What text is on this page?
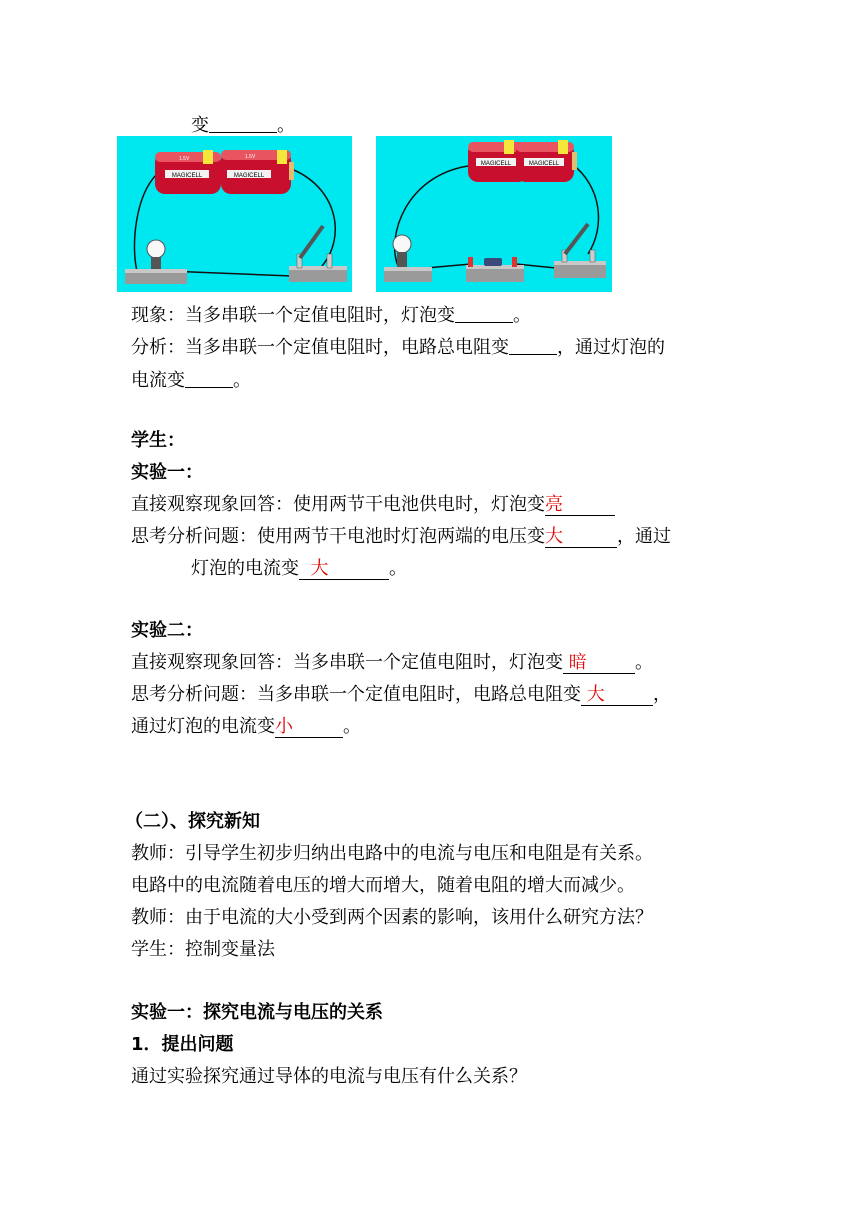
变	。
MAGICELL
1.5V
MAGICELL
1.5V
MAGICELL	MAGICELL
现象：当多串联一个定值电阻时，灯泡变	。
分析：当多串联一个定值电阻时，电路总电阻变	，通过灯泡的
电流变	。
学生：
实验一：
直接观察现象回答：使用两节干电池供电时，灯泡变亮
思考分析问题：使用两节干电池时灯泡两端的电压变大	，通过
灯泡的电流变 大	。
实验二：
直接观察现象回答：当多串联一个定值电阻时，灯泡变 暗	。
思考分析问题：当多串联一个定值电阻时，电路总电阻变 大	，
通过灯泡的电流变小	。
（二）、探究新知
教师：引导学生初步归纳出电路中的电流与电压和电阻是有关系。
电路中的电流随着电压的增大而增大，随着电阻的增大而减少。
教师：由于电流的大小受到两个因素的影响，该用什么研究方法？
学生：控制变量法
实验一：探究电流与电压的关系
1．提出问题
通过实验探究通过导体的电流与电压有什么关系？
